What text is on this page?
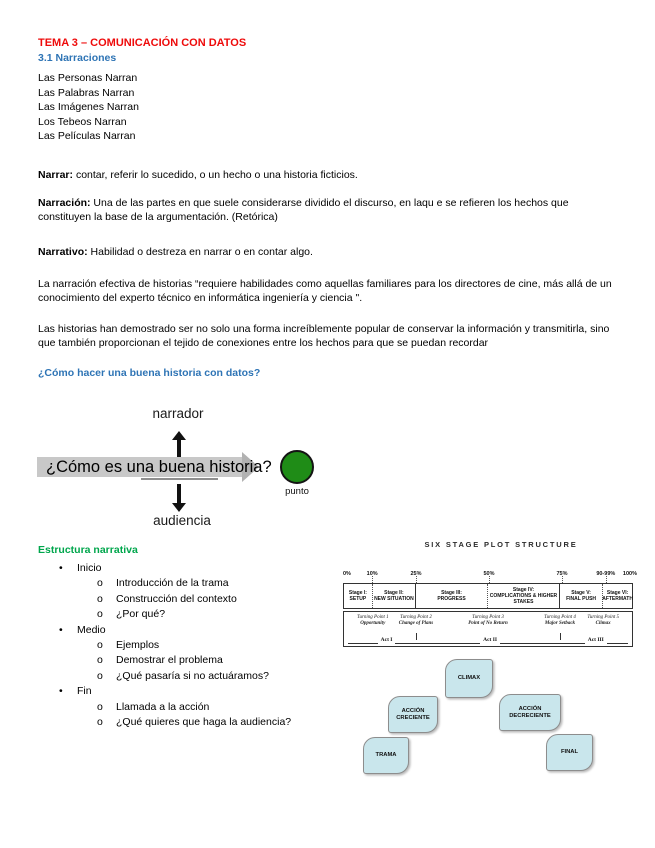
TEMA 3 – COMUNICACIÓN CON DATOS
3.1 Narraciones
Las Personas Narran
Las Palabras Narran
Las Imágenes Narran
Los Tebeos Narran
Las Películas Narran

Narrar: contar, referir lo sucedido, o un hecho o una historia ficticios.

Narración: Una de las partes en que suele considerarse dividido el discurso, en laqu e se refieren los hechos que constituyen la base de la argumentación. (Retórica)

Narrativo: Habilidad o destreza en narrar o en contar algo.

La narración efectiva de historias “requiere habilidades como aquellas familiares para los directores de cine, más allá de un conocimiento del experto técnico en informática ingeniería y ciencia ".

Las historias han demostrado ser no solo una forma increíblemente popular de conservar la información y transmitirla, sino que también proporcionan el tejido de conexiones entre los hechos para que se puedan recordar

¿Cómo hacer una buena historia con datos?
narrador
¿Cómo es una buena historia?
punto
audiencia
Estructura narrativa
• Inicio
o Introducción de la trama
o Construcción del contexto
o ¿Por qué?
• Medio
o Ejemplos
o Demostrar el problema
o ¿Qué pasaría si no actuáramos?
• Fin
o Llamada a la acción
o ¿Qué quieres que haga la audiencia?
SIX STAGE PLOT STRUCTURE
0%	10%	25%	50%	75%	90-99% 100%
Stage I:
SETUP
Stage II:
NEW SITUATION
Stage III:
PROGRESS
Stage IV:
COMPLICATIONS & HIGHER STAKES
Stage V:
FINAL PUSH
Stage VI:
AFTERMATH
Turning Point 1
Opportunity
Turning Point 2
Change of Plans
Turning Point 3
Point of No Return
Turning Point 4
Major Setback
Turning Point 5
Climax
Act I	Act II	Act III
TRAMA
ACCIÓN CRECIENTE
CLIMAX
ACCIÓN DECRECIENTE
FINAL
